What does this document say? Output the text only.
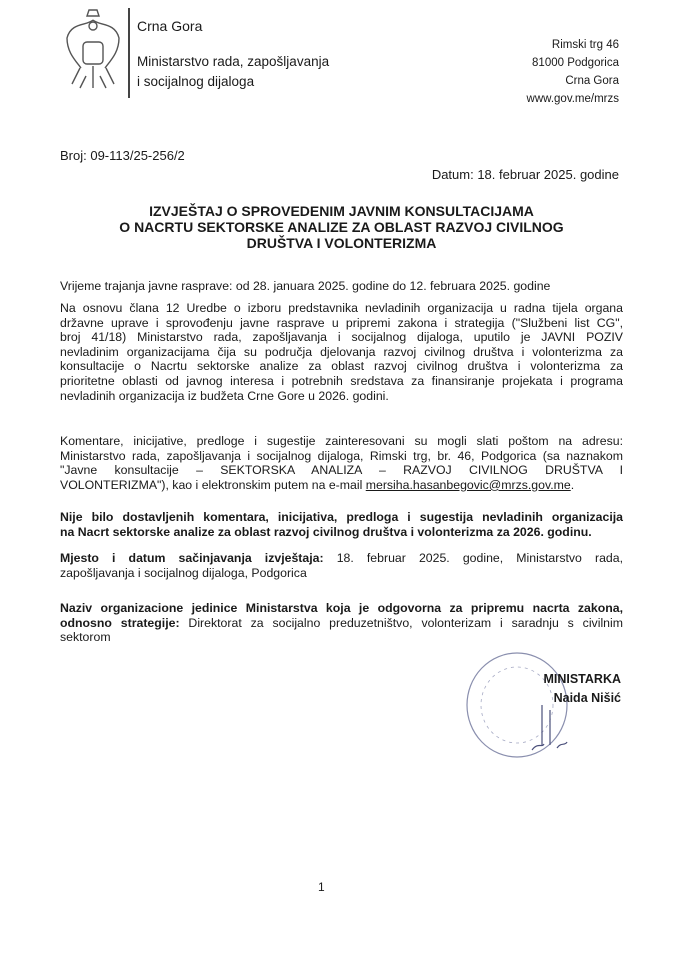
Crna Gora
Ministarstvo rada, zapošljavanja
i socijalnog dijaloga
Rimski trg 46
81000 Podgorica
Crna Gora
www.gov.me/mrzs
Broj: 09-113/25-256/2
Datum: 18. februar 2025. godine
IZVJEŠTAJ O SPROVEDENIM JAVNIM KONSULTACIJAMA
O NACRTU SEKTORSKE ANALIZE ZA OBLAST RAZVOJ CIVILNOG
DRUŠTVA I VOLONTERIZMA
Vrijeme trajanja javne rasprave: od 28. januara 2025. godine do 12. februara 2025. godine
Na osnovu člana 12 Uredbe o izboru predstavnika nevladinih organizacija u radna tijela organa
državne uprave i sprovođenju javne rasprave u pripremi zakona i strategija ("Službeni list CG",
broj 41/18) Ministarstvo rada, zapošljavanja i socijalnog dijaloga, uputilo je JAVNI POZIV
nevladinim organizacijama čija su područja djelovanja razvoj civilnog društva i volonterizma za
konsultacije o Nacrtu sektorske analize za oblast razvoj civilnog društva i volonterizma za
prioritetne oblasti od javnog interesa i potrebnih sredstava za finansiranje projekata i programa
nevladinih organizacija iz budžeta Crne Gore u 2026. godini.
Komentare, inicijative, predloge i sugestije zainteresovani su mogli slati poštom na adresu:
Ministarstvo rada, zapošljavanja i socijalnog dijaloga, Rimski trg, br. 46, Podgorica (sa naznakom
"Javne konsultacije – SEKTORSKA ANALIZA – RAZVOJ CIVILNOG DRUŠTVA I
VOLONTERIZMA"), kao i elektronskim putem na e-mail mersiha.hasanbegovic@mrzs.gov.me.
Nije bilo dostavljenih komentara, inicijativa, predloga i sugestija nevladinih organizacija
na Nacrt sektorske analize za oblast razvoj civilnog društva i volonterizma za 2026. godinu.
Mjesto i datum sačinjavanja izvještaja: 18. februar 2025. godine, Ministarstvo rada,
zapošljavanja i socijalnog dijaloga, Podgorica
Naziv organizacione jedinice Ministarstva koja je odgovorna za pripremu nacrta zakona,
odnosno strategije: Direktorat za socijalno preduzetništvo, volonterizam i saradnju s civilnim
sektorom
MINISTARKA
Naida Nišić
1
